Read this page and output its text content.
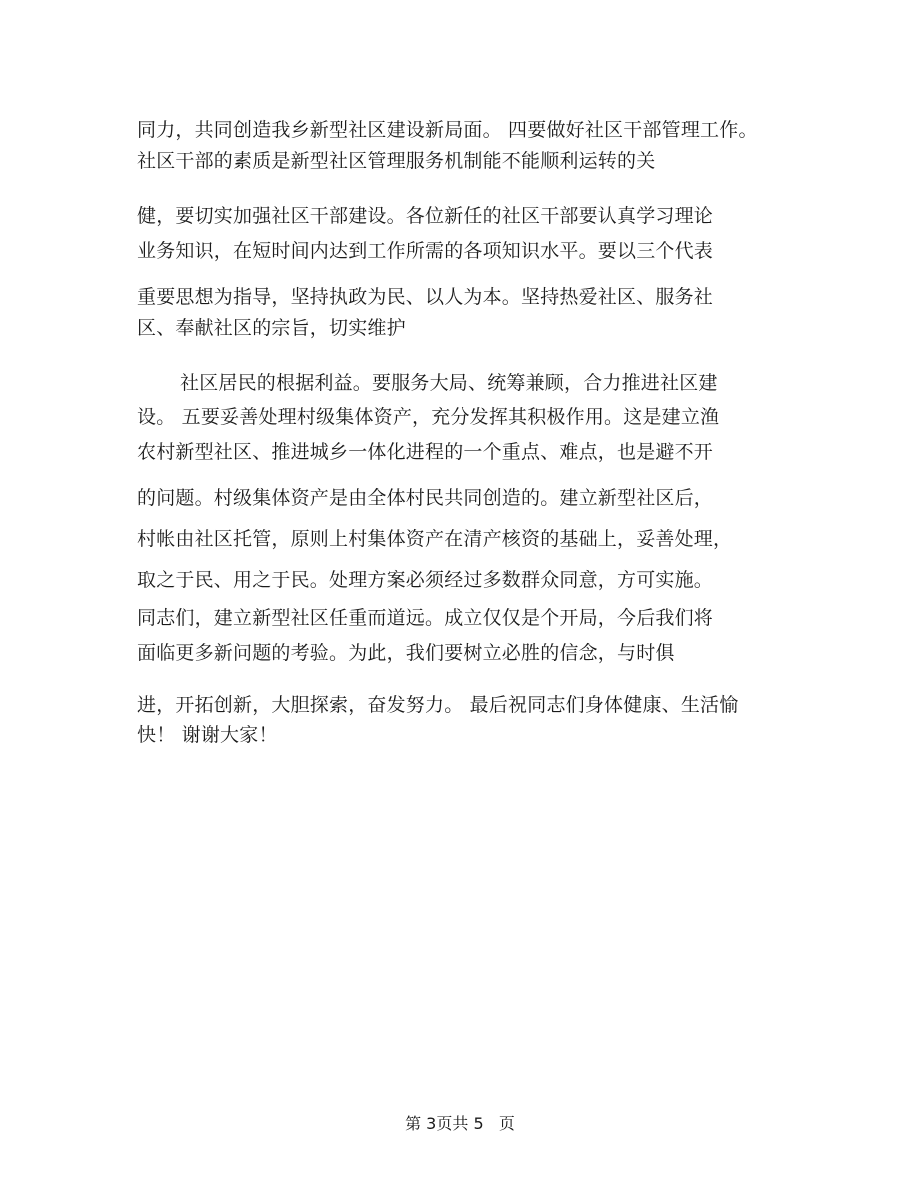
同力，共同创造我乡新型社区建设新局面。 四要做好社区干部管理工作。
社区干部的素质是新型社区管理服务机制能不能顺利运转的关
健，要切实加强社区干部建设。各位新任的社区干部要认真学习理论
业务知识，在短时间内达到工作所需的各项知识水平。要以三个代表
重要思想为指导，坚持执政为民、以人为本。坚持热爱社区、服务社
区、奉献社区的宗旨，切实维护
社区居民的根据利益。要服务大局、统筹兼顾，合力推进社区建
设。 五要妥善处理村级集体资产，充分发挥其积极作用。这是建立渔
农村新型社区、推进城乡一体化进程的一个重点、难点，也是避不开
的问题。村级集体资产是由全体村民共同创造的。建立新型社区后，
村帐由社区托管，原则上村集体资产在清产核资的基础上，妥善处理，
取之于民、用之于民。处理方案必须经过多数群众同意，方可实施。
同志们，建立新型社区任重而道远。成立仅仅是个开局，今后我们将
面临更多新问题的考验。为此，我们要树立必胜的信念，与时俱
进，开拓创新，大胆探索，奋发努力。 最后祝同志们身体健康、生活愉
快！ 谢谢大家！
第 3页共 5   页
